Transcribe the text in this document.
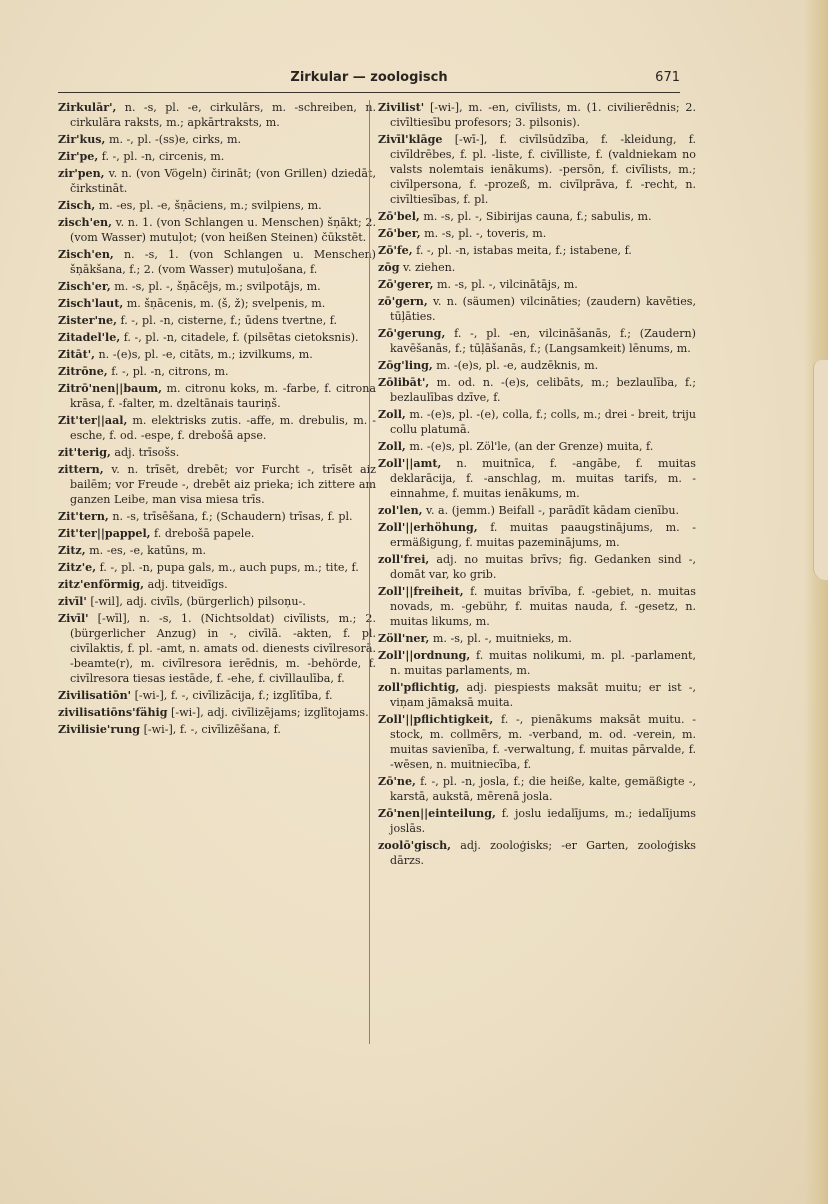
Zirkular — zoologisch	671
Zirkulār', n. -s, pl. -e, cirkulārs, m. -schreiben, n. cirkulāra raksts, m.; apkārtraksts, m.
Zir'kus, m. -, pl. -(ss)e, cirks, m.
Zir'pe, f. -, pl. -n, circenis, m.
zir'pen, v. n. (von Vögeln) čirināt; (von Grillen) dziedāt, čirkstināt.
Zisch, m. -es, pl. -e, šņāciens, m.; svilpiens, m.
zisch'en, v. n. 1. (von Schlangen u. Menschen) šņākt; 2. (vom Wasser) mutuļot; (von heißen Steinen) čūkstēt.
Zisch'en, n. -s, 1. (von Schlangen u. Menschen) šņākšana, f.; 2. (vom Wasser) mutuļošana, f.
Zisch'er, m. -s, pl. -, šņācējs, m.; svilpotājs, m.
Zisch'laut, m. šņācenis, m. (š, ž); svelpenis, m.
Zister'ne, f. -, pl. -n, cisterne, f.; ūdens tvertne, f.
Zitadel'le, f. -, pl. -n, citadele, f. (pilsētas cietoksnis).
Zitāt', n. -(e)s, pl. -e, citāts, m.; izvilkums, m.
Zitrōne, f. -, pl. -n, citrons, m.
Zitrō'nen||baum, m. citronu koks, m. -farbe, f. citrona krāsa, f. -falter, m. dzeltānais tauriņš.
Zit'ter||aal, m. elektrisks zutis. -affe, m. drebulis, m. -esche, f. od. -espe, f. drebošā apse.
zit'terig, adj. trīsošs.
zittern, v. n. trīsēt, drebēt; vor Furcht -, trīsēt aiz bailēm; vor Freude -, drebēt aiz prieka; ich zittere am ganzen Leibe, man visa miesa trīs.
Zit'tern, n. -s, trīsēšana, f.; (Schaudern) trīsas, f. pl.
Zit'ter||pappel, f. drebošā papele.
Zitz, m. -es, -e, katūns, m.
Zitz'e, f. -, pl. -n, pupa gals, m., auch pups, m.; tite, f.
zitz'enförmig, adj. titveidīgs.
zivīl' [-wil], adj. civīls, (bürgerlich) pilsoņu-.
Zivīl' [-wīl], n. -s, 1. (Nichtsoldat) civīlists, m.; 2. (bürgerlicher Anzug) in -, civīlā. -akten, f. pl. civīlaktis, f. pl. -amt, n. amats od. dienests civīlresorā. -beamte(r), m. civīlresora ierēdnis, m. -behörde, f. civīlresora tiesas iestāde, f. -ehe, f. civīllaulība, f.
Zivilisatiōn' [-wi-], f. -, civīlizācija, f.; izglītība, f.
zivilisatiōns'fähig [-wi-], adj. civīlizējams; izglītojams.
Zivilisie'rung [-wi-], f. -, civīlizēšana, f.
Zivilist' [-wi-], m. -en, civīlists, m. (1. civilierēdnis; 2. civīltiesību profesors; 3. pilsonis).
Zivīl'klāge [-wī-], f. civīlsūdzība, f. -kleidung, f. civīldrēbes, f. pl. -liste, f. civīlliste, f. (valdniekam no valsts nolemtais ienākums). -persōn, f. civīlists, m.; civīlpersona, f. -prozeß, m. civīlprāva, f. -recht, n. civīltiesības, f. pl.
Zō'bel, m. -s, pl. -, Sibirijas cauna, f.; sabulis, m.
Zō'ber, m. -s, pl. -, toveris, m.
Zō'fe, f. -, pl. -n, istabas meita, f.; istabene, f.
zōg v. ziehen.
Zō'gerer, m. -s, pl. -, vilcinātājs, m.
zō'gern, v. n. (säumen) vilcināties; (zaudern) kavēties, tūļāties.
Zō'gerung, f. -, pl. -en, vilcināšanās, f.; (Zaudern) kavēšanās, f.; tūļāšanās, f.; (Langsamkeit) lēnums, m.
Zōg'ling, m. -(e)s, pl. -e, audzēknis, m.
Zōlibāt', m. od. n. -(e)s, celibāts, m.; bezlaulība, f.; bezlaulības dzīve, f.
Zoll, m. -(e)s, pl. -(e), colla, f.; colls, m.; drei - breit, triju collu platumā.
Zoll, m. -(e)s, pl. Zöl'le, (an der Grenze) muita, f.
Zoll'||amt, n. muitnīca, f. -angābe, f. muitas deklarācija, f. -anschlag, m. muitas tarifs, m. -einnahme, f. muitas ienākums, m.
zol'len, v. a. (jemm.) Beifall -, parādīt kādam cienību.
Zoll'||erhöhung, f. muitas paaugstinājums, m. -ermäßigung, f. muitas pazeminājums, m.
zoll'frei, adj. no muitas brīvs; fig. Gedanken sind -, domāt var, ko grib.
Zoll'||freiheit, f. muitas brīvība, f. -gebiet, n. muitas novads, m. -gebühr, f. muitas nauda, f. -gesetz, n. muitas likums, m.
Zöll'ner, m. -s, pl. -, muitnieks, m.
Zoll'||ordnung, f. muitas nolikumi, m. pl. -parlament, n. muitas parlaments, m.
zoll'pflichtig, adj. piespiests maksāt muitu; er ist -, viņam jāmaksā muita.
Zoll'||pflichtigkeit, f. -, pienākums maksāt muitu. -stock, m. collmērs, m. -verband, m. od. -verein, m. muitas savienība, f. -verwaltung, f. muitas pārvalde, f. -wēsen, n. muitniecība, f.
Zō'ne, f. -, pl. -n, josla, f.; die heiße, kalte, gemäßigte -, karstā, aukstā, mērenā josla.
Zō'nen||einteilung, f. joslu iedalījums, m.; iedalījums joslās.
zoolō'gisch, adj. zooloģisks; -er Garten, zooloģisks dārzs.
